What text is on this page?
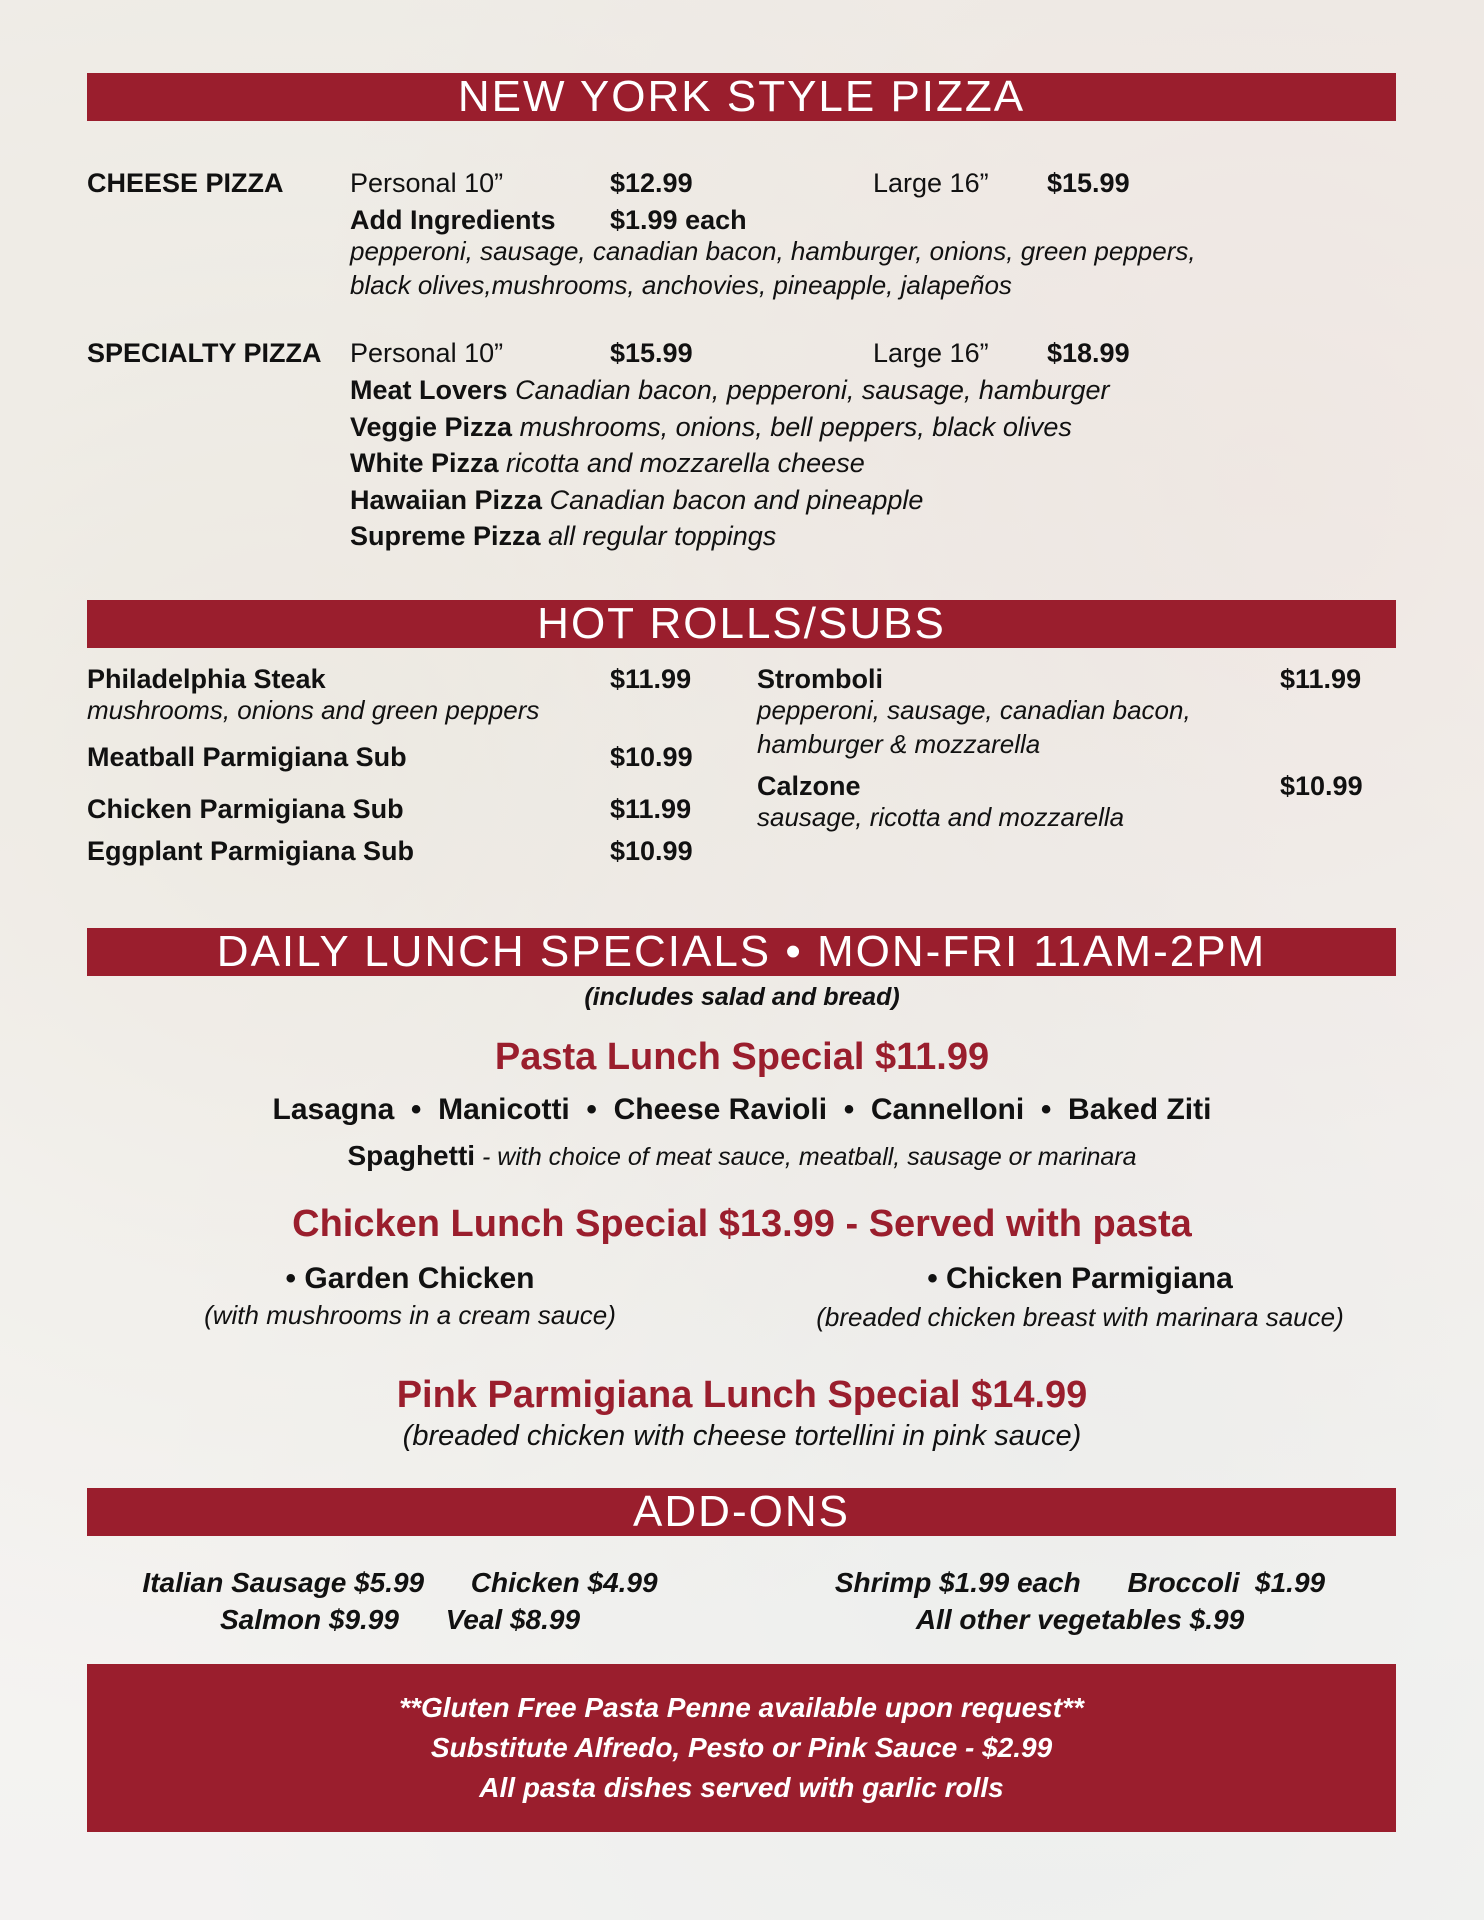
NEW YORK STYLE PIZZA
CHEESE PIZZA Personal 10”	$12.99	Large 16” $15.99
Add Ingredients $1.99 each
pepperoni, sausage, canadian bacon, hamburger, onions, green peppers,
black olives,mushrooms, anchovies, pineapple, jalapeños
SPECIALTY PIZZA Personal 10”	$15.99	Large 16” $18.99
Meat Lovers Canadian bacon, pepperoni, sausage, hamburger
Veggie Pizza mushrooms, onions, bell peppers, black olives
White Pizza ricotta and mozzarella cheese
Hawaiian Pizza Canadian bacon and pineapple
Supreme Pizza all regular toppings
HOT ROLLS/SUBS
Philadelphia Steak	$11.99
mushrooms, onions and green peppers
Meatball Parmigiana Sub	$10.99
Chicken Parmigiana Sub	$11.99
Eggplant Parmigiana Sub	$10.99
Stromboli	$11.99
pepperoni, sausage, canadian bacon,
hamburger & mozzarella
Calzone	$10.99
sausage, ricotta and mozzarella
DAILY LUNCH SPECIALS • MON-FRI 11AM-2PM
(includes salad and bread)
Pasta Lunch Special $11.99
Lasagna  •  Manicotti  •  Cheese Ravioli  •  Cannelloni  •  Baked Ziti
Spaghetti - with choice of meat sauce, meatball, sausage or marinara
Chicken Lunch Special $13.99 - Served with pasta
• Garden Chicken
(with mushrooms in a cream sauce)
• Chicken Parmigiana
(breaded chicken breast with marinara sauce)
Pink Parmigiana Lunch Special $14.99
(breaded chicken with cheese tortellini in pink sauce)
ADD-ONS
Italian Sausage $5.99      Chicken $4.99
Salmon $9.99      Veal $8.99
Shrimp $1.99 each      Broccoli  $1.99
All other vegetables $.99
**Gluten Free Pasta Penne available upon request**
Substitute Alfredo, Pesto or Pink Sauce - $2.99
All pasta dishes served with garlic rolls
